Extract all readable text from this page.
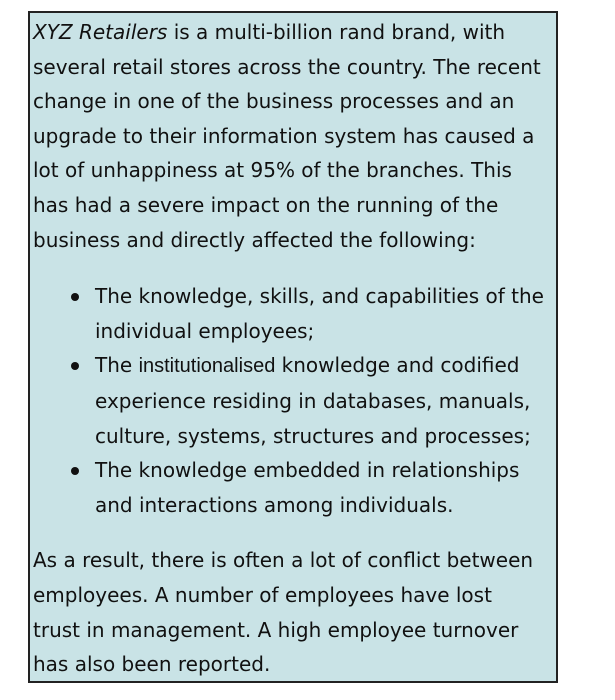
XYZ Retailers is a multi-billion rand brand, with
several retail stores across the country. The recent
change in one of the business processes and an
upgrade to their information system has caused a
lot of unhappiness at 95% of the branches. This
has had a severe impact on the running of the
business and directly affected the following:

The knowledge, skills, and capabilities of the
individual employees;
The institutionalised knowledge and codified
experience residing in databases, manuals,
culture, systems, structures and processes;
The knowledge embedded in relationships
and interactions among individuals.

As a result, there is often a lot of conflict between
employees. A number of employees have lost
trust in management. A high employee turnover
has also been reported.
